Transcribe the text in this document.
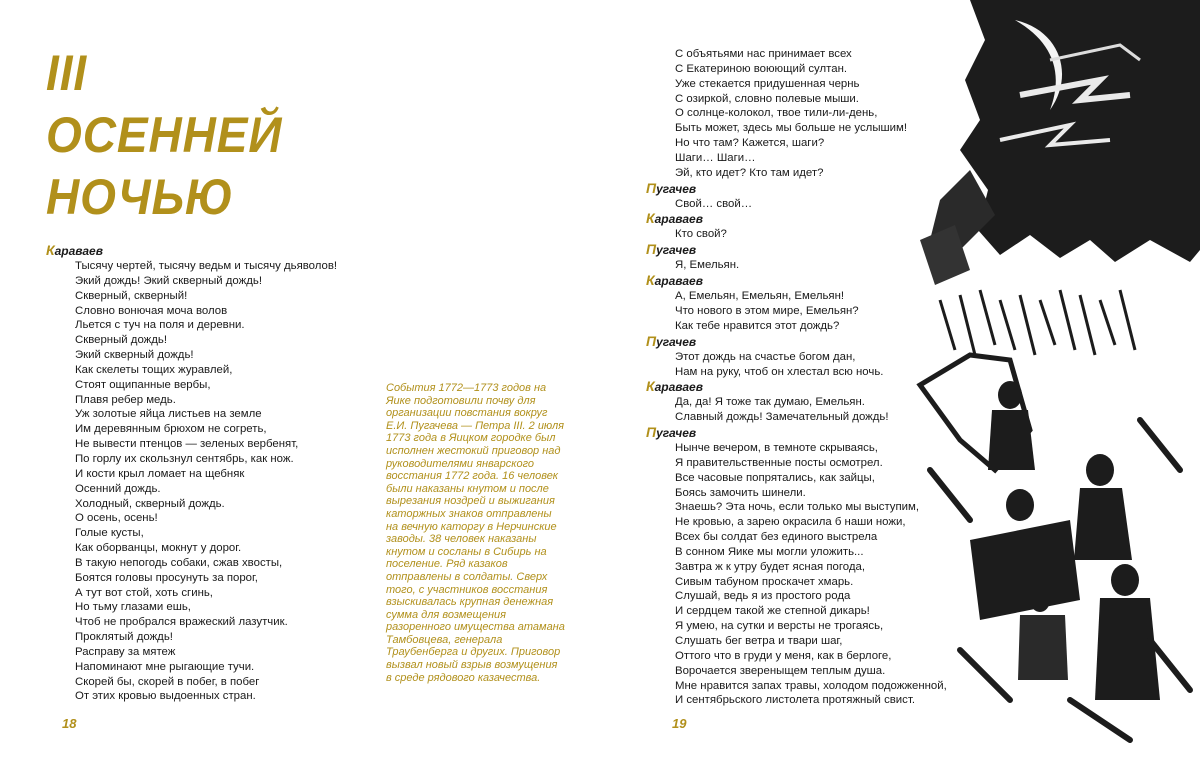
III
ОСЕННЕЙ
НОЧЬЮ
Караваев
Тысячу чертей, тысячу ведьм и тысячу дьяволов!
Экий дождь! Экий скверный дождь!
Скверный, скверный!
Словно вонючая моча волов
Льется с туч на поля и деревни.
Скверный дождь!
Экий скверный дождь!
Как скелеты тощих журавлей,
Стоят ощипанные вербы,
Плавя ребер медь.
Уж золотые яйца листьев на земле
Им деревянным брюхом не согреть,
Не вывести птенцов — зеленых вербенят,
По горлу их скользнул сентябрь, как нож.
И кости крыл ломает на щебняк
Осенний дождь.
Холодный, скверный дождь.
О осень, осень!
Голые кусты,
Как оборванцы, мокнут у дорог.
В такую непогодь собаки, сжав хвосты,
Боятся головы просунуть за порог,
А тут вот стой, хоть сгинь,
Но тьму глазами ешь,
Чтоб не пробрался вражеский лазутчик.
Проклятый дождь!
Расправу за мятеж
Напоминают мне рыгающие тучи.
Скорей бы, скорей в побег, в побег
От этих кровью выдоенных стран.
События 1772—1773 годов на Яике подготовили почву для организации повстания вокруг Е.И. Пугачева — Петра III. 2 июля 1773 года в Яицком городке был исполнен жестокий приговор над руководителями январского восстания 1772 года. 16 человек были наказаны кнутом и после вырезания ноздрей и выжигания каторжных знаков отправлены на вечную каторгу в Нерчинские заводы. 38 человек наказаны кнутом и сосланы в Сибирь на поселение. Ряд казаков отправлены в солдаты. Сверх того, с участников восстания взыскивалась крупная денежная сумма для возмещения разоренного имущества атамана Тамбовцева, генерала Траубенберга и других. Приговор вызвал новый взрыв возмущения в среде рядового казачества.
18
С объятьями нас принимает всех
С Екатериною воюющий султан.
Уже стекается придушенная чернь
С озиркой, словно полевые мыши.
О солнце-колокол, твое тили-ли-день,
Быть может, здесь мы больше не услышим!
Но что там? Кажется, шаги?
Шаги… Шаги…
Эй, кто идет? Кто там идет?
Пугачев
Свой… свой…
Караваев
Кто свой?
Пугачев
Я, Емельян.
Караваев
А, Емельян, Емельян, Емельян!
Что нового в этом мире, Емельян?
Как тебе нравится этот дождь?
Пугачев
Этот дождь на счастье богом дан,
Нам на руку, чтоб он хлестал всю ночь.
Караваев
Да, да! Я тоже так думаю, Емельян.
Славный дождь! Замечательный дождь!
Пугачев
Нынче вечером, в темноте скрываясь,
Я правительственные посты осмотрел.
Все часовые попрятались, как зайцы,
Боясь замочить шинели.
Знаешь? Эта ночь, если только мы выступим,
Не кровью, а зарею окрасила б наши ножи,
Всех бы солдат без единого выстрела
В сонном Яике мы могли уложить...
Завтра ж к утру будет ясная погода,
Сивым табуном проскачет хмарь.
Слушай, ведь я из простого рода
И сердцем такой же степной дикарь!
Я умею, на сутки и версты не трогаясь,
Слушать бег ветра и твари шаг,
Оттого что в груди у меня, как в берлоге,
Ворочается звереныщем теплым душа.
Мне нравится запах травы, холодом подожженной,
И сентябрьского листолета протяжный свист.
19
